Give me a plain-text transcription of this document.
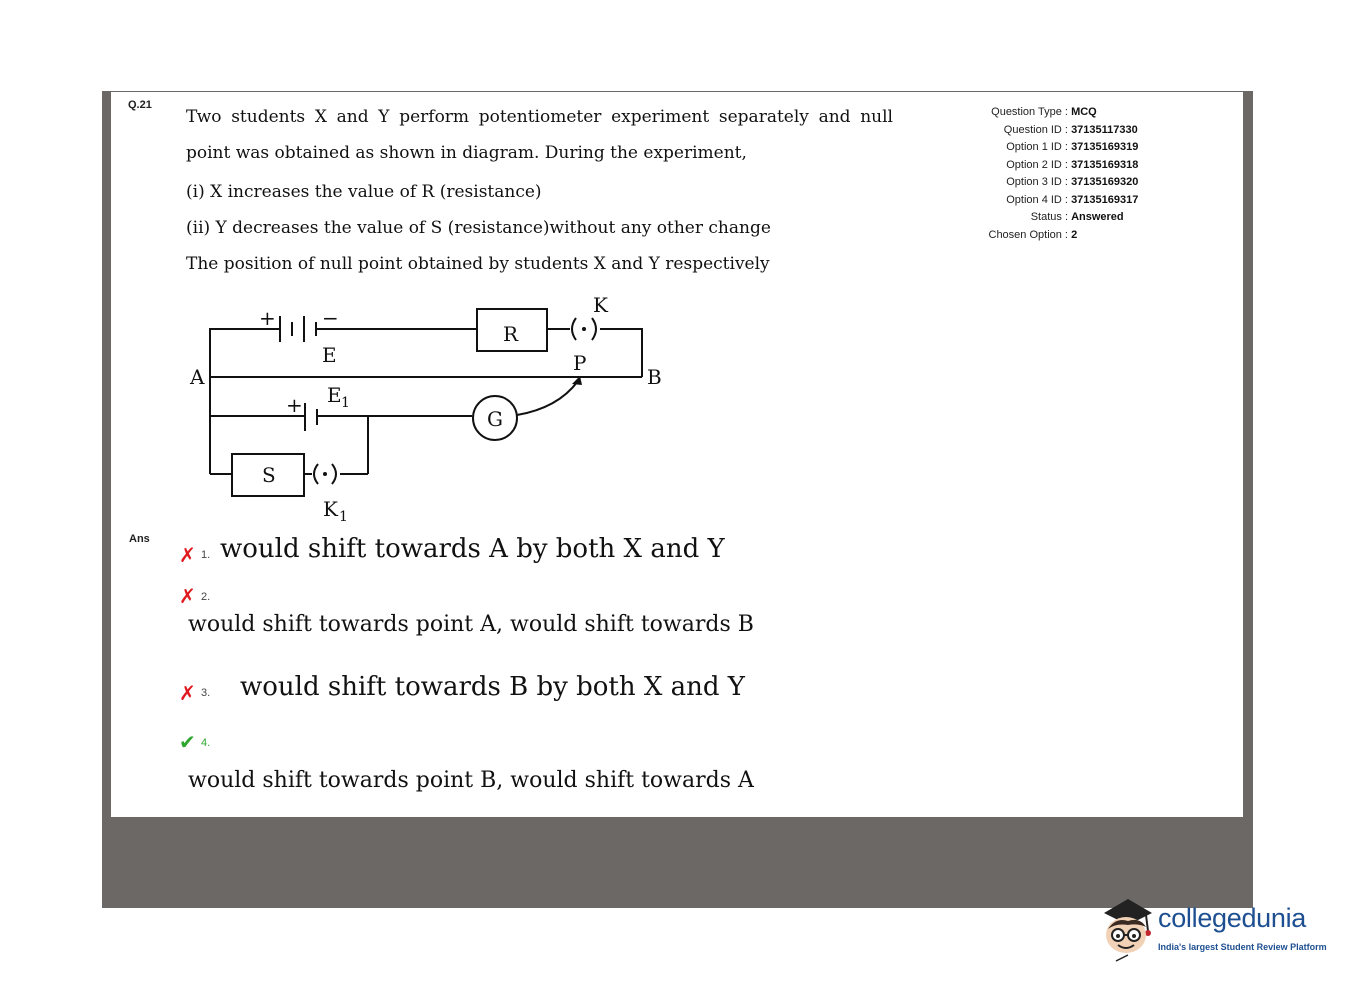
Q.21
Two students X and Y perform potentiometer experiment separately and null
point was obtained as shown in diagram. During the experiment,
(i) X increases the value of R (resistance)
(ii) Y decreases the value of S (resistance)without any other change
The position of null point obtained by students X and Y respectively
Question Type : MCQ
Question ID : 37135117330
Option 1 ID : 37135169319
Option 2 ID : 37135169318
Option 3 ID : 37135169320
Option 4 ID : 37135169317
Status : Answered
Chosen Option : 2
+ −
E
R
K
P
A	B
E 1
+
G
S
K 1
Ans
✗ 1. would shift towards A by both X and Y
✗ 2.
would shift towards point A, would shift towards B
✗ 3. would shift towards B by both X and Y
✔ 4.
would shift towards point B, would shift towards A
collegedunia
India's largest Student Review Platform
